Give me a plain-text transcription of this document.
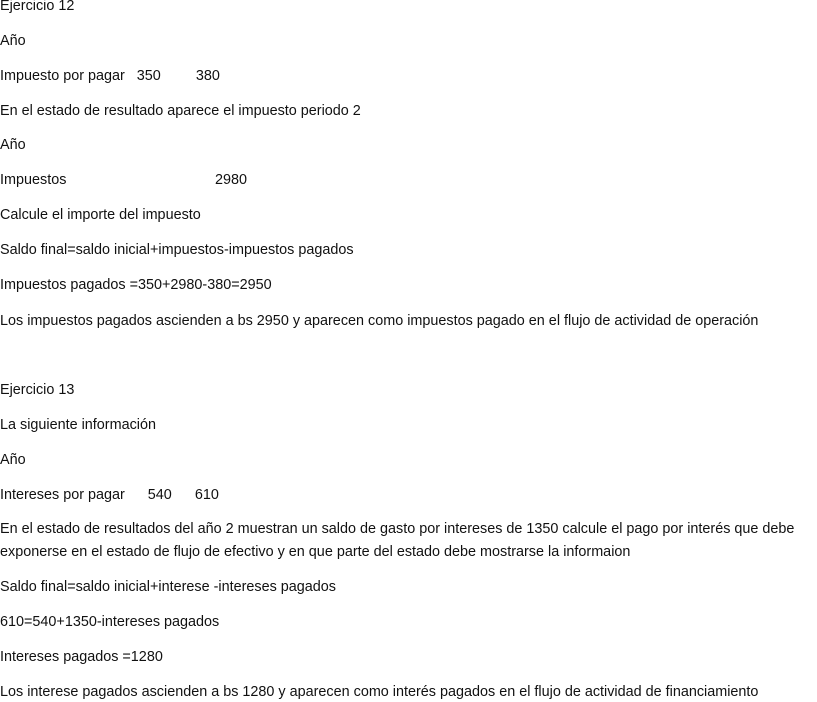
Ejercicio 12
Año
Impuesto por pagar 350 380
En el estado de resultado aparece el impuesto periodo 2
Año
Impuestos	2980
Calcule el importe del impuesto
Saldo final=saldo inicial+impuestos-impuestos pagados
Impuestos pagados =350+2980-380=2950
Los impuestos pagados ascienden a bs 2950 y aparecen como impuestos pagado en el flujo de actividad de operación
Ejercicio 13
La siguiente información
Año
Intereses por pagar 540 610
En el estado de resultados del año 2 muestran un saldo de gasto por intereses de 1350 calcule el pago por interés que debe exponerse en el estado de flujo de efectivo y en que parte del estado debe mostrarse la informaion
Saldo final=saldo inicial+interese -intereses pagados
610=540+1350-intereses pagados
Intereses pagados =1280
Los interese pagados ascienden a bs 1280 y aparecen como interés pagados en el flujo de actividad de financiamiento
